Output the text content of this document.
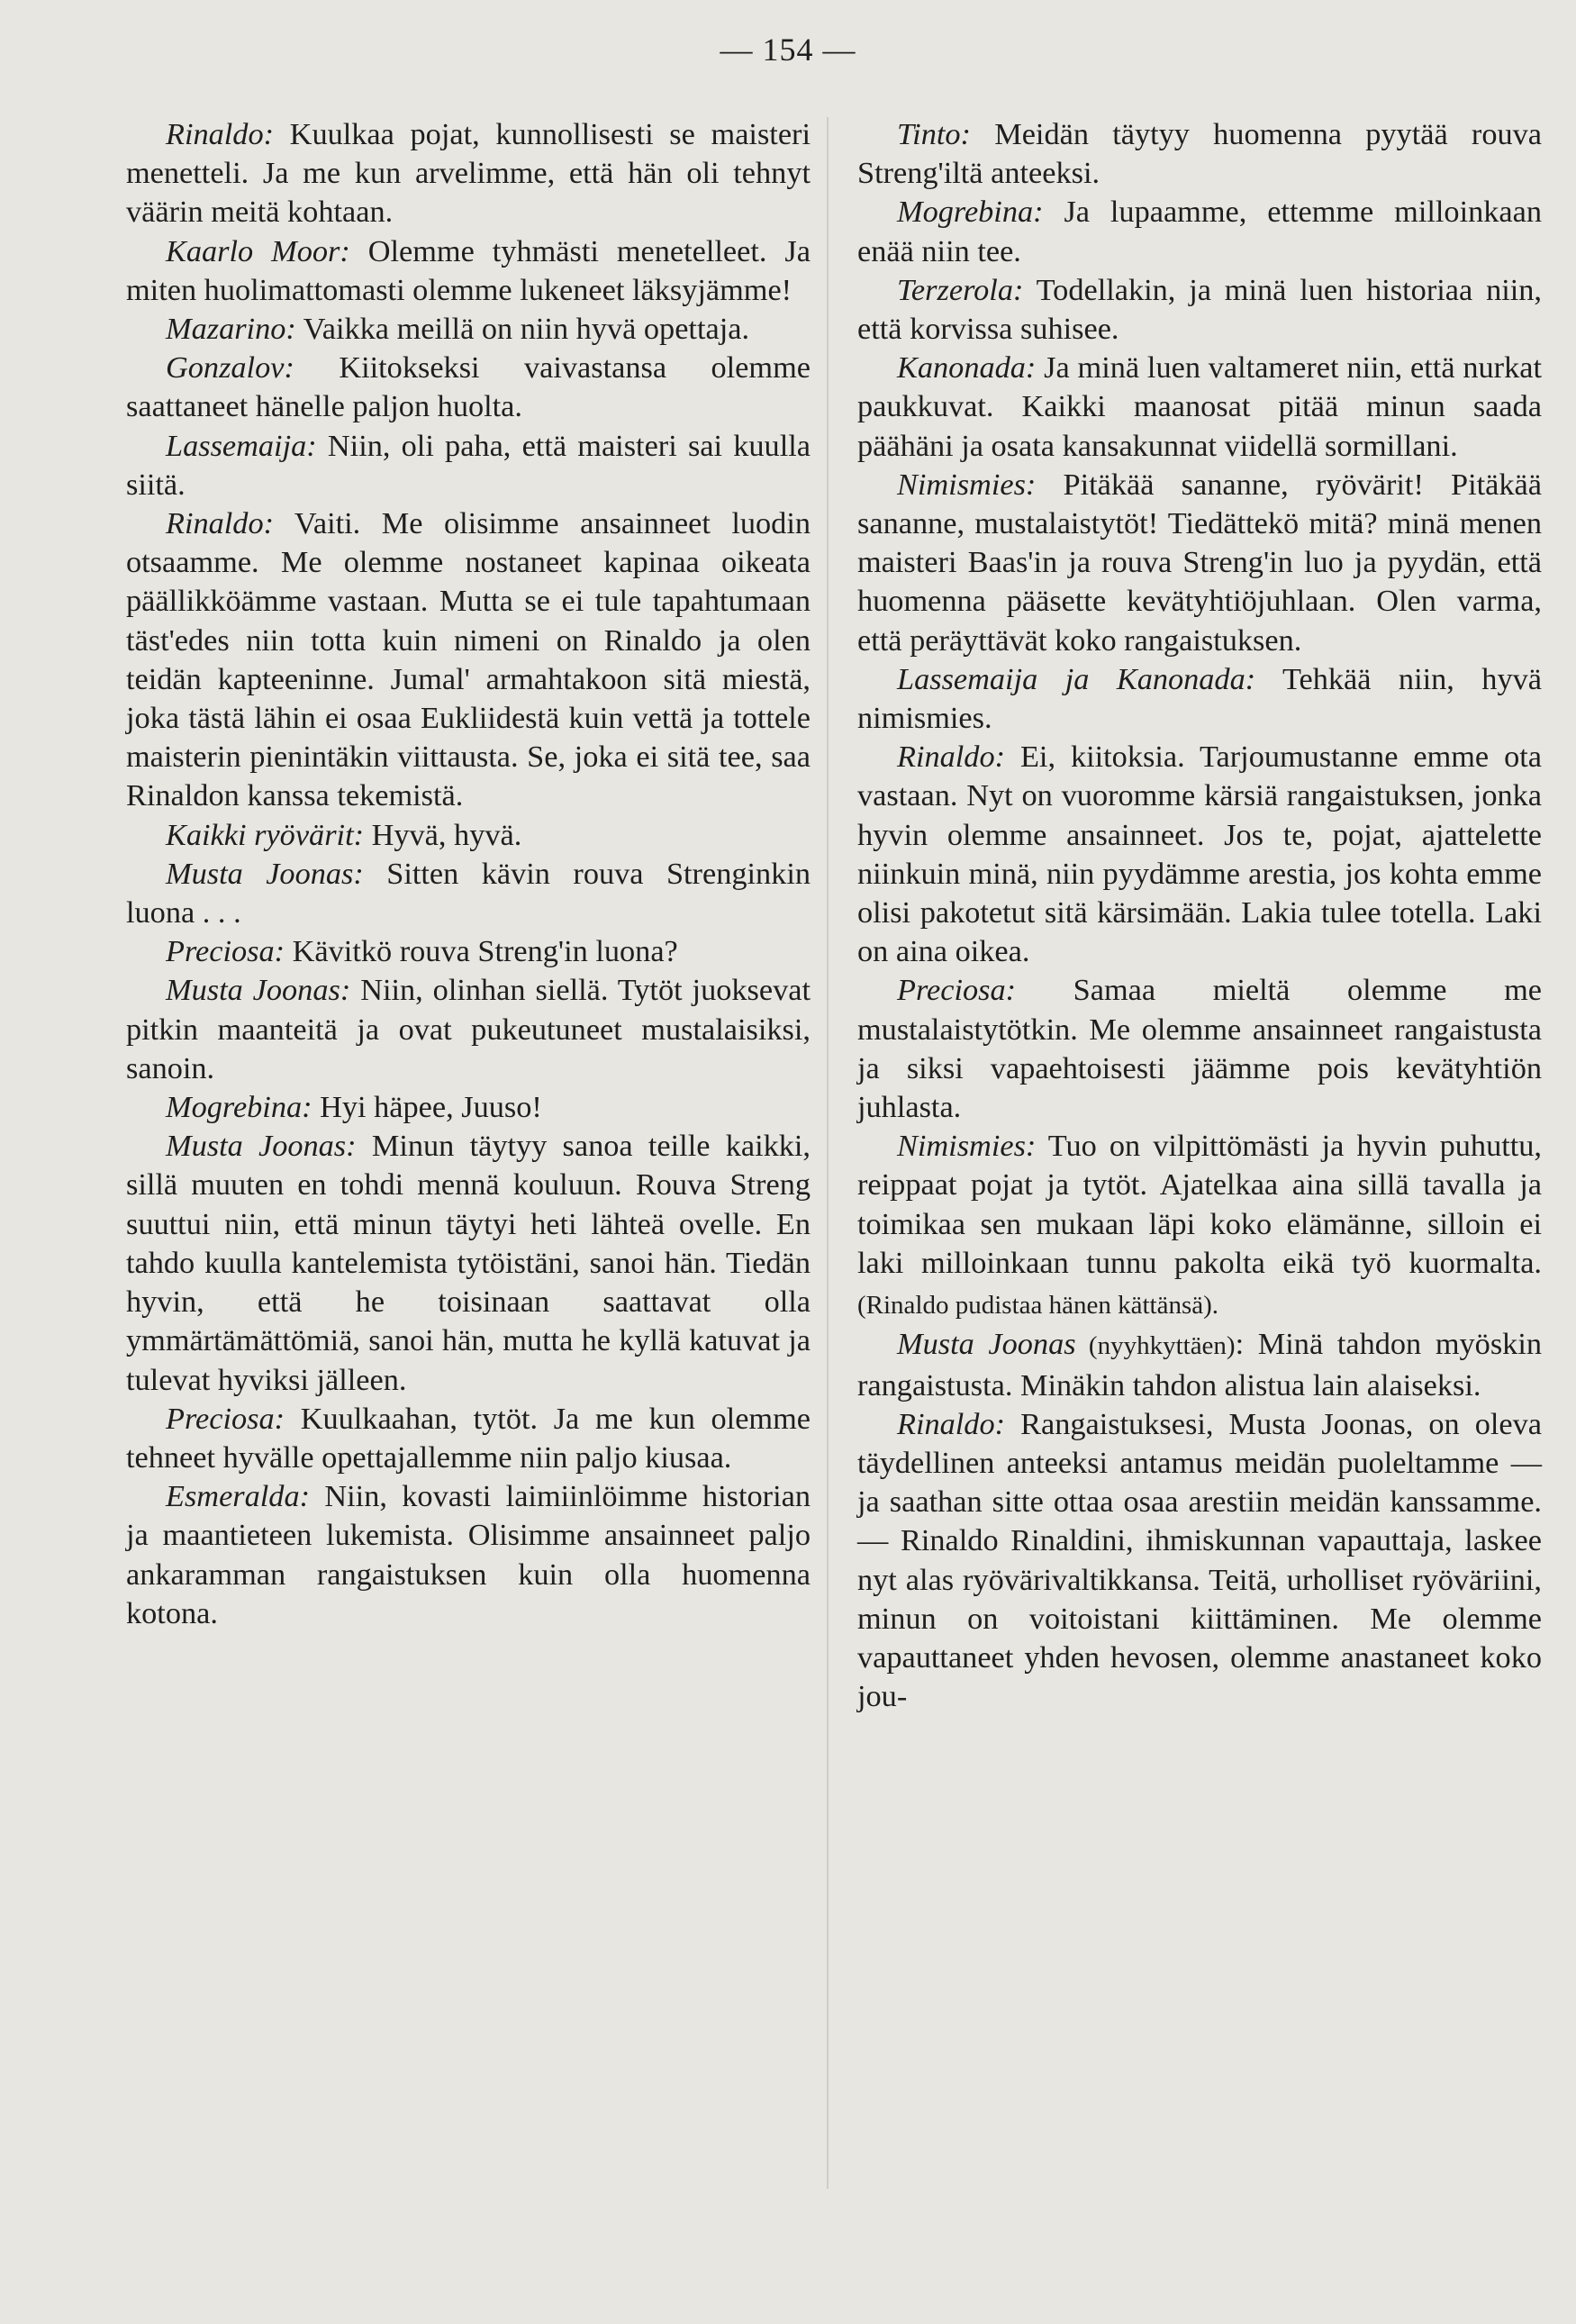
— 154 —

Rinaldo: Kuulkaa pojat, kunnollisesti se maisteri menetteli. Ja me kun arvelimme, että hän oli tehnyt väärin meitä kohtaan.

Kaarlo Moor: Olemme tyhmästi menetelleet. Ja miten huolimattomasti olemme lukeneet läksyjämme!

Mazarino: Vaikka meillä on niin hyvä opettaja.

Gonzalov: Kiitokseksi vaivastansa olemme saattaneet hänelle paljon huolta.

Lassemaija: Niin, oli paha, että maisteri sai kuulla siitä.

Rinaldo: Vaiti. Me olisimme ansainneet luodin otsaamme. Me olemme nostaneet kapinaa oikeata päällikköämme vastaan. Mutta se ei tule tapahtumaan täst'edes niin totta kuin nimeni on Rinaldo ja olen teidän kapteeninne. Jumal' armahtakoon sitä miestä, joka tästä lähin ei osaa Eukliidestä kuin vettä ja tottele maisterin pienintäkin viittausta. Se, joka ei sitä tee, saa Rinaldon kanssa tekemistä.

Kaikki ryövärit: Hyvä, hyvä.

Musta Joonas: Sitten kävin rouva Strenginkin luona . . .

Preciosa: Kävitkö rouva Streng'in luona?

Musta Joonas: Niin, olinhan siellä. Tytöt juoksevat pitkin maanteitä ja ovat pukeutuneet mustalaisiksi, sanoin.

Mogrebina: Hyi häpee, Juuso!

Musta Joonas: Minun täytyy sanoa teille kaikki, sillä muuten en tohdi mennä kouluun. Rouva Streng suuttui niin, että minun täytyi heti lähteä ovelle. En tahdo kuulla kantelemista tytöistäni, sanoi hän. Tiedän hyvin, että he toisinaan saattavat olla ymmärtämättömiä, sanoi hän, mutta he kyllä katuvat ja tulevat hyviksi jälleen.

Preciosa: Kuulkaahan, tytöt. Ja me kun olemme tehneet hyvälle opettajallemme niin paljo kiusaa.

Esmeralda: Niin, kovasti laimiinlöimme historian ja maantieteen lukemista. Olisimme ansainneet paljo ankaramman rangaistuksen kuin olla huomenna kotona.

Tinto: Meidän täytyy huomenna pyytää rouva Streng'iltä anteeksi.

Mogrebina: Ja lupaamme, ettemme milloinkaan enää niin tee.

Terzerola: Todellakin, ja minä luen historiaa niin, että korvissa suhisee.

Kanonada: Ja minä luen valtameret niin, että nurkat paukkuvat. Kaikki maanosat pitää minun saada päähäni ja osata kansakunnat viidellä sormillani.

Nimismies: Pitäkää sananne, ryövärit! Pitäkää sananne, mustalaistytöt! Tiedättekö mitä? minä menen maisteri Baas'in ja rouva Streng'in luo ja pyydän, että huomenna pääsette kevätyhtiöjuhlaan. Olen varma, että peräyttävät koko rangaistuksen.

Lassemaija ja Kanonada: Tehkää niin, hyvä nimismies.

Rinaldo: Ei, kiitoksia. Tarjoumustanne emme ota vastaan. Nyt on vuoromme kärsiä rangaistuksen, jonka hyvin olemme ansainneet. Jos te, pojat, ajattelette niinkuin minä, niin pyydämme arestia, jos kohta emme olisi pakotetut sitä kärsimään. Lakia tulee totella. Laki on aina oikea.

Preciosa: Samaa mieltä olemme me mustalaistytötkin. Me olemme ansainneet rangaistusta ja siksi vapaehtoisesti jäämme pois kevätyhtiön juhlasta.

Nimismies: Tuo on vilpittömästi ja hyvin puhuttu, reippaat pojat ja tytöt. Ajatelkaa aina sillä tavalla ja toimikaa sen mukaan läpi koko elämänne, silloin ei laki milloinkaan tunnu pakolta eikä työ kuormalta. (Rinaldo pudistaa hänen kättänsä).

Musta Joonas (nyyhkyttäen): Minä tahdon myöskin rangaistusta. Minäkin tahdon alistua lain alaiseksi.

Rinaldo: Rangaistuksesi, Musta Joonas, on oleva täydellinen anteeksi antamus meidän puoleltamme — ja saathan sitte ottaa osaa arestiin meidän kanssamme. — Rinaldo Rinaldini, ihmiskunnan vapauttaja, laskee nyt alas ryövärivaltikkansa. Teitä, urholliset ryöväriini, minun on voitoistani kiittäminen. Me olemme vapauttaneet yhden hevosen, olemme anastaneet koko jou-
